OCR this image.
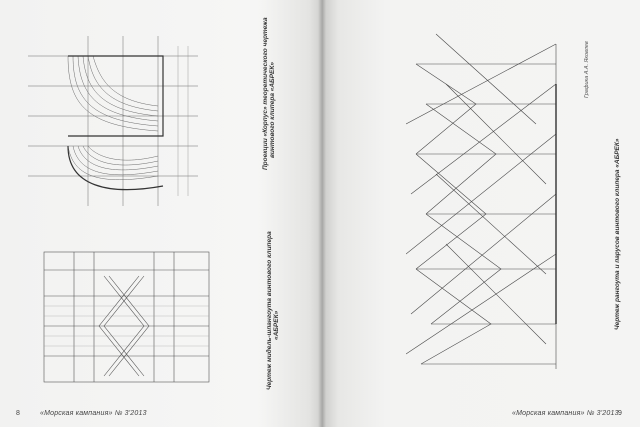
Проекции «Корпус» теоретического чертежа винтового клипера «АБРЕК»
Чертеж мидель-шпангоута винтового клипера «АБРЕК»
8	«Морская кампания» № 3'2013
Чертеж рангоута и парусов винтового клипера «АБРЕК»
Графика А.А. Яковлев
«Морская кампания» № 3'2013 9
